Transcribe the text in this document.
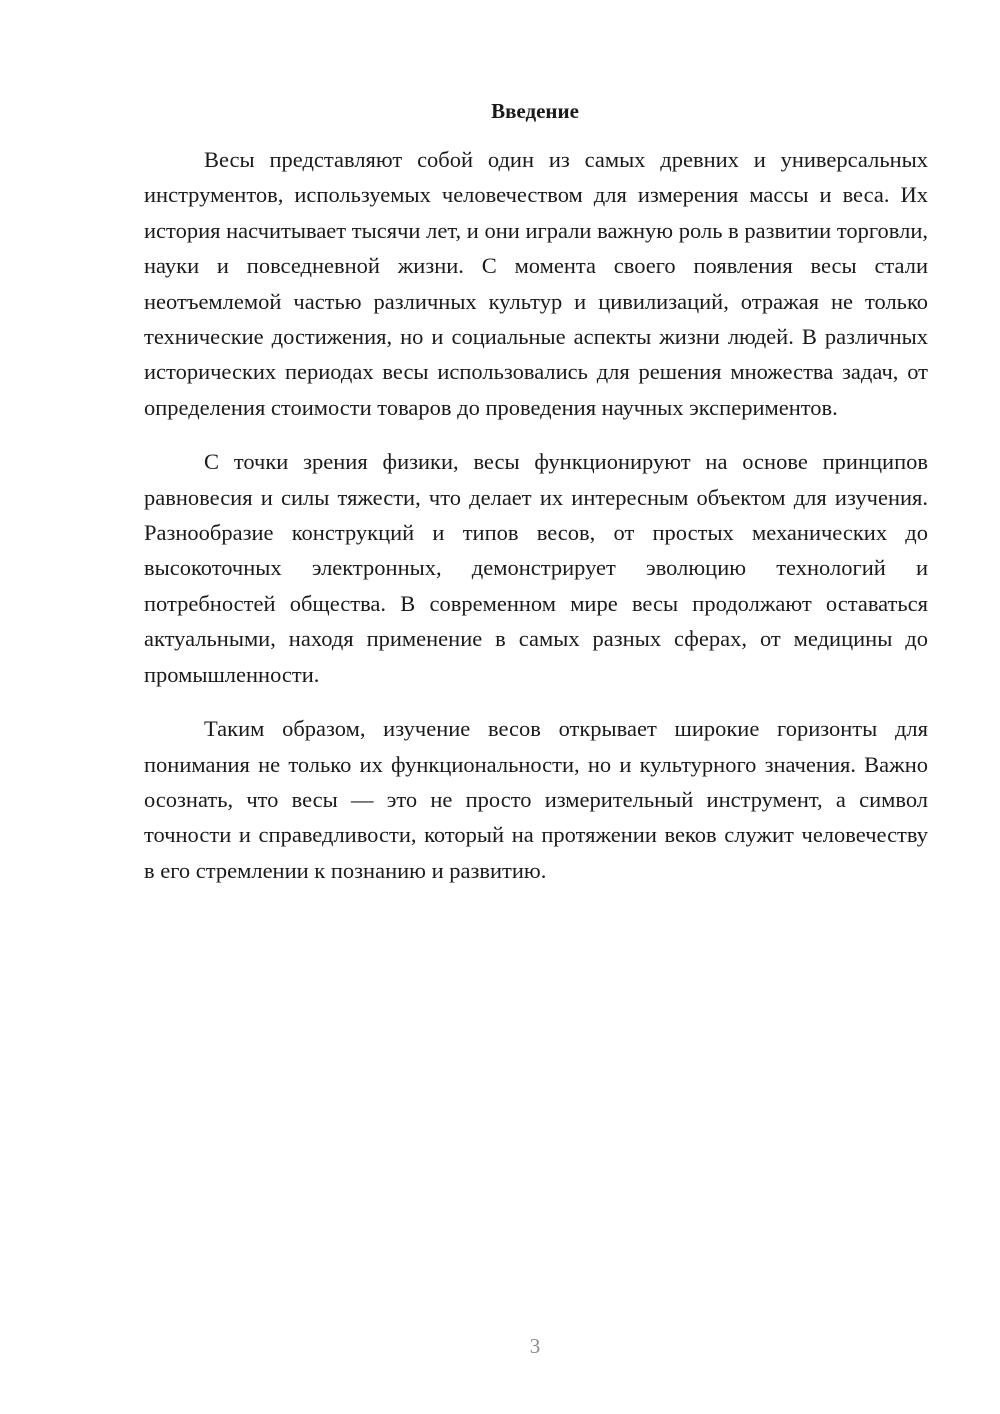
Введение

Весы представляют собой один из самых древних и универсальных инструментов, используемых человечеством для измерения массы и веса. Их история насчитывает тысячи лет, и они играли важную роль в развитии торговли, науки и повседневной жизни. С момента своего появления весы стали неотъемлемой частью различных культур и цивилизаций, отражая не только технические достижения, но и социальные аспекты жизни людей. В различных исторических периодах весы использовались для решения множества задач, от определения стоимости товаров до проведения научных экспериментов.

С точки зрения физики, весы функционируют на основе принципов равновесия и силы тяжести, что делает их интересным объектом для изучения. Разнообразие конструкций и типов весов, от простых механических до высокоточных электронных, демонстрирует эволюцию технологий и потребностей общества. В современном мире весы продолжают оставаться актуальными, находя применение в самых разных сферах, от медицины до промышленности.

Таким образом, изучение весов открывает широкие горизонты для понимания не только их функциональности, но и культурного значения. Важно осознать, что весы — это не просто измерительный инструмент, а символ точности и справедливости, который на протяжении веков служит человечеству в его стремлении к познанию и развитию.

3
